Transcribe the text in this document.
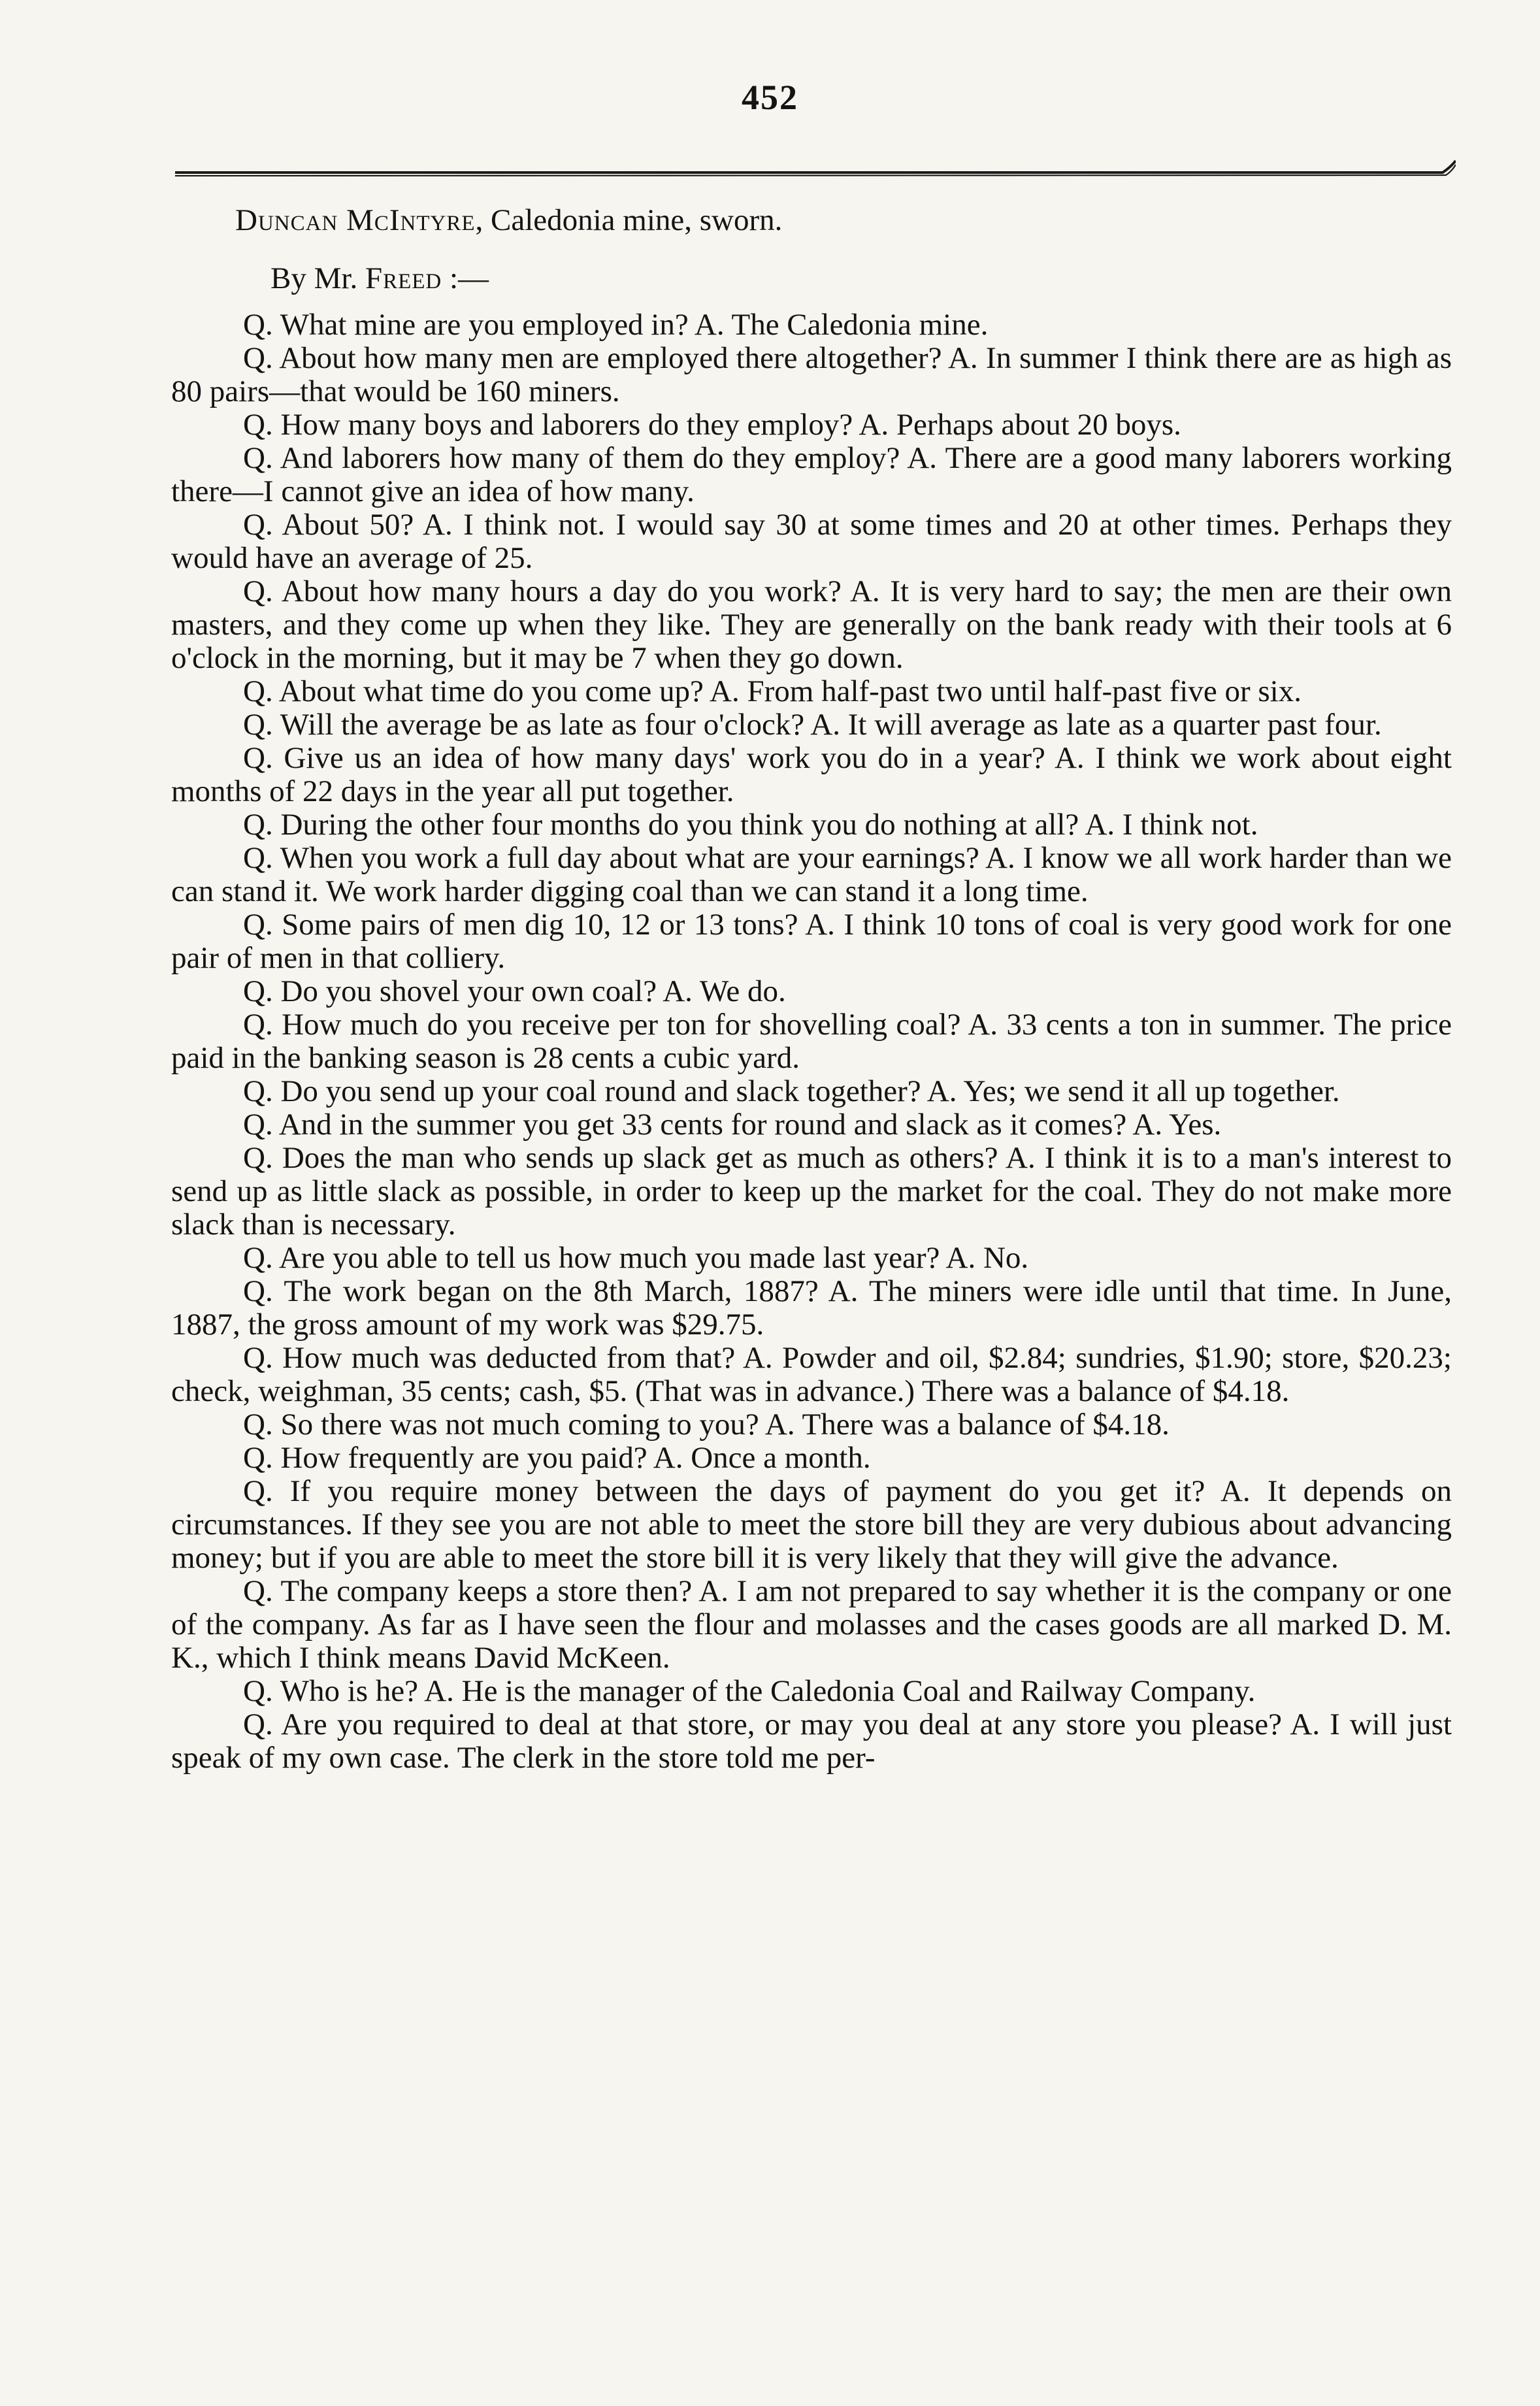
452

Duncan McIntyre, Caledonia mine, sworn.

By Mr. Freed :—

Q. What mine are you employed in? A. The Caledonia mine.

Q. About how many men are employed there altogether? A. In summer I think there are as high as 80 pairs—that would be 160 miners.

Q. How many boys and laborers do they employ? A. Perhaps about 20 boys.

Q. And laborers how many of them do they employ? A. There are a good many laborers working there—I cannot give an idea of how many.

Q. About 50? A. I think not. I would say 30 at some times and 20 at other times. Perhaps they would have an average of 25.

Q. About how many hours a day do you work? A. It is very hard to say; the men are their own masters, and they come up when they like. They are generally on the bank ready with their tools at 6 o'clock in the morning, but it may be 7 when they go down.

Q. About what time do you come up? A. From half-past two until half-past five or six.

Q. Will the average be as late as four o'clock? A. It will average as late as a quarter past four.

Q. Give us an idea of how many days' work you do in a year? A. I think we work about eight months of 22 days in the year all put together.

Q. During the other four months do you think you do nothing at all? A. I think not.

Q. When you work a full day about what are your earnings? A. I know we all work harder than we can stand it. We work harder digging coal than we can stand it a long time.

Q. Some pairs of men dig 10, 12 or 13 tons? A. I think 10 tons of coal is very good work for one pair of men in that colliery.

Q. Do you shovel your own coal? A. We do.

Q. How much do you receive per ton for shovelling coal? A. 33 cents a ton in summer. The price paid in the banking season is 28 cents a cubic yard.

Q. Do you send up your coal round and slack together? A. Yes; we send it all up together.

Q. And in the summer you get 33 cents for round and slack as it comes? A. Yes.

Q. Does the man who sends up slack get as much as others? A. I think it is to a man's interest to send up as little slack as possible, in order to keep up the market for the coal. They do not make more slack than is necessary.

Q. Are you able to tell us how much you made last year? A. No.

Q. The work began on the 8th March, 1887? A. The miners were idle until that time. In June, 1887, the gross amount of my work was $29.75.

Q. How much was deducted from that? A. Powder and oil, $2.84; sundries, $1.90; store, $20.23; check, weighman, 35 cents; cash, $5. (That was in advance.) There was a balance of $4.18.

Q. So there was not much coming to you? A. There was a balance of $4.18.

Q. How frequently are you paid? A. Once a month.

Q. If you require money between the days of payment do you get it? A. It depends on circumstances. If they see you are not able to meet the store bill they are very dubious about advancing money; but if you are able to meet the store bill it is very likely that they will give the advance.

Q. The company keeps a store then? A. I am not prepared to say whether it is the company or one of the company. As far as I have seen the flour and molasses and the cases goods are all marked D. M. K., which I think means David McKeen.

Q. Who is he? A. He is the manager of the Caledonia Coal and Railway Company.

Q. Are you required to deal at that store, or may you deal at any store you please? A. I will just speak of my own case. The clerk in the store told me per-
